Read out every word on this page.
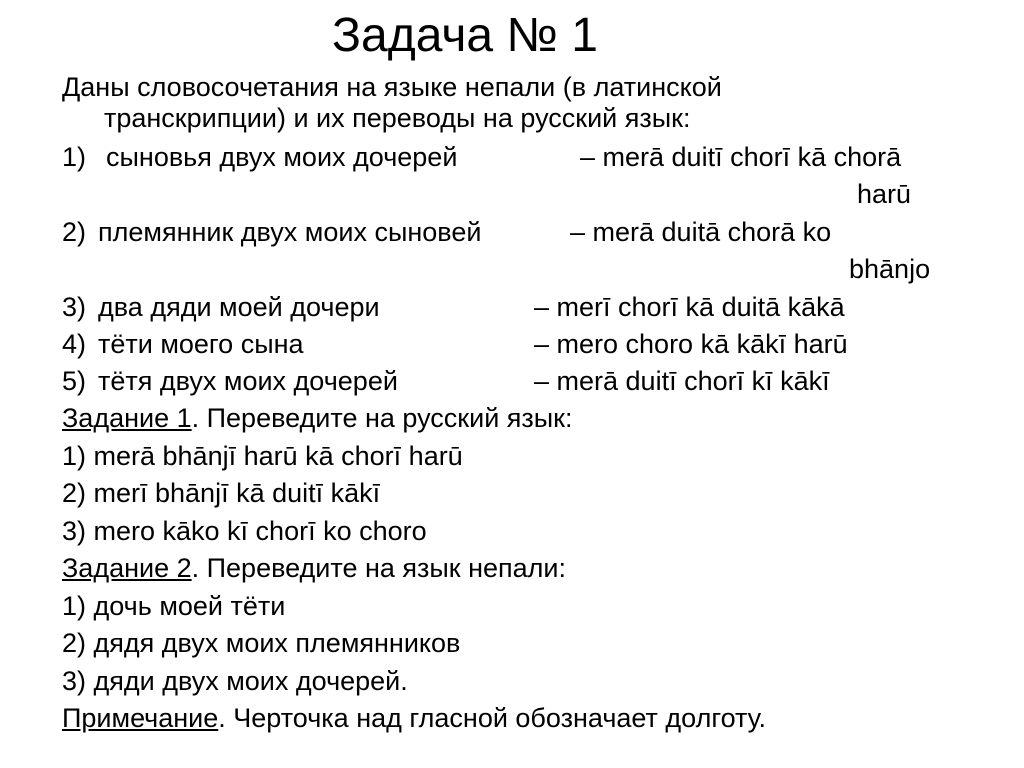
Задача № 1
Даны словосочетания на языке непали (в латинской
транскрипции) и их переводы на русский язык:
1) сыновья двух моих дочерей	– merā duitī chorī kā chorā
harū
2) племянник двух моих сыновей	– merā duitā chorā ko
bhānjo
3) два дяди моей дочери	– merī chorī kā duitā kākā
4) тёти моего сына	– mero choro kā kākī harū
5) тётя двух моих дочерей	– merā duitī chorī kī kākī
Задание 1. Переведите на русский язык:
1) merā bhānjī harū kā chorī harū
2) merī bhānjī kā duitī kākī
3) mero kāko kī chorī ko choro
Задание 2. Переведите на язык непали:
1) дочь моей тёти
2) дядя двух моих племянников
3) дяди двух моих дочерей.
Примечание. Черточка над гласной обозначает долготу.
